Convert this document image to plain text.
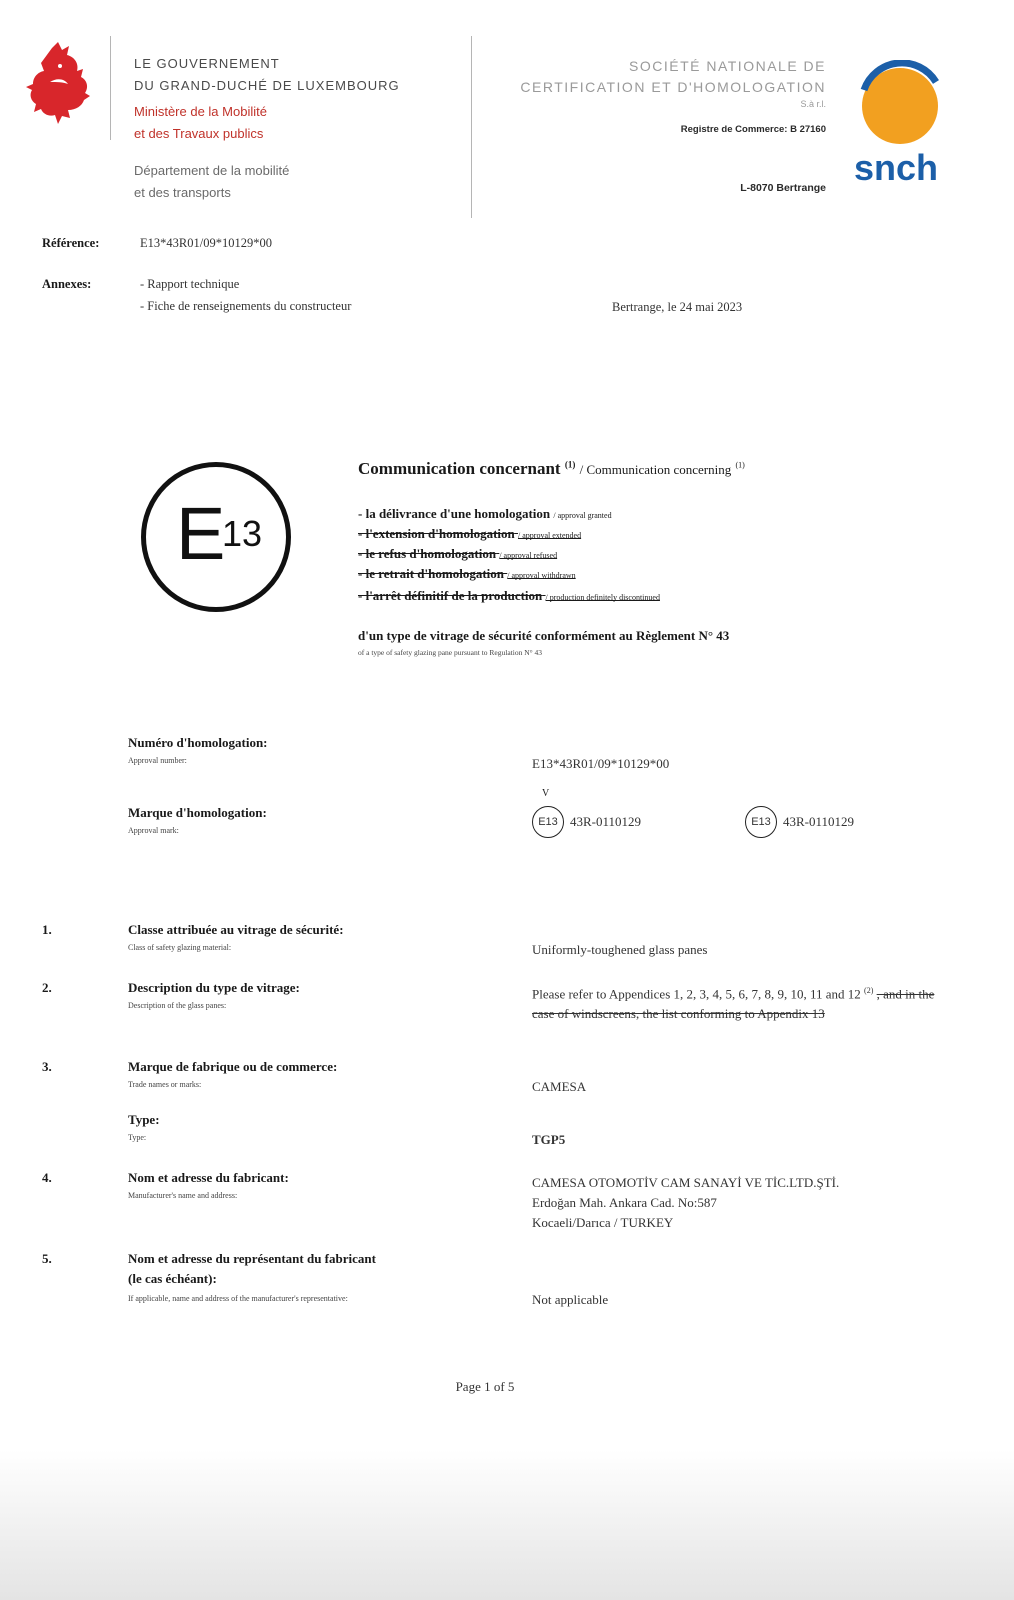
LE GOUVERNEMENT
DU GRAND-DUCHÉ DE LUXEMBOURG
Ministère de la Mobilité
et des Travaux publics
Département de la mobilité
et des transports
SOCIÉTÉ NATIONALE DE
CERTIFICATION ET D'HOMOLOGATION
S.à r.l.
Registre de Commerce: B 27160
L-8070 Bertrange snch
Référence:	E13*43R01/09*10129*00
Annexes:	- Rapport technique
- Fiche de renseignements du constructeur	Bertrange, le 24 mai 2023
E
13
Communication concernant $^{(1)}$ / Communication concerning $^{(1)}$
- la délivrance d'une homologation / approval granted
- l'extension d'homologation / approval extended
- le refus d'homologation / approval refused
- le retrait d'homologation / approval withdrawn
- l'arrêt définitif de la production / production definitely discontinued
d'un type de vitrage de sécurité conformément au Règlement N° 43
of a type of safety glazing pane pursuant to Regulation N° 43
Numéro d'homologation:
Approval number:	E13*43R01/09*10129*00
Marque d'homologation:
Approval mark:
V
E13 43R-0110129	E13 43R-0110129
1.	Classe attribuée au vitrage de sécurité:
Class of safety glazing material:	Uniformly-toughened glass panes
2.	Description du type de vitrage:
Description of the glass panes:
Please refer to Appendices 1, 2, 3, 4, 5, 6, 7, 8, 9, 10, 11 and 12 $^{(2)}$ , and in the case of windscreens, the list conforming to Appendix 13
3.	Marque de fabrique ou de commerce:
Trade names or marks:	CAMESA
Type:
Type:	TGP5
4.	Nom et adresse du fabricant:
Manufacturer's name and address:
CAMESA OTOMOTİV CAM SANAYİ VE TİC.LTD.ŞTİ.
Erdoğan Mah. Ankara Cad. No:587
Kocaeli/Darıca / TURKEY
5.	Nom et adresse du représentant du fabricant
(le cas échéant):
If applicable, name and address of the manufacturer's representative:	Not applicable
Page 1 of 5
